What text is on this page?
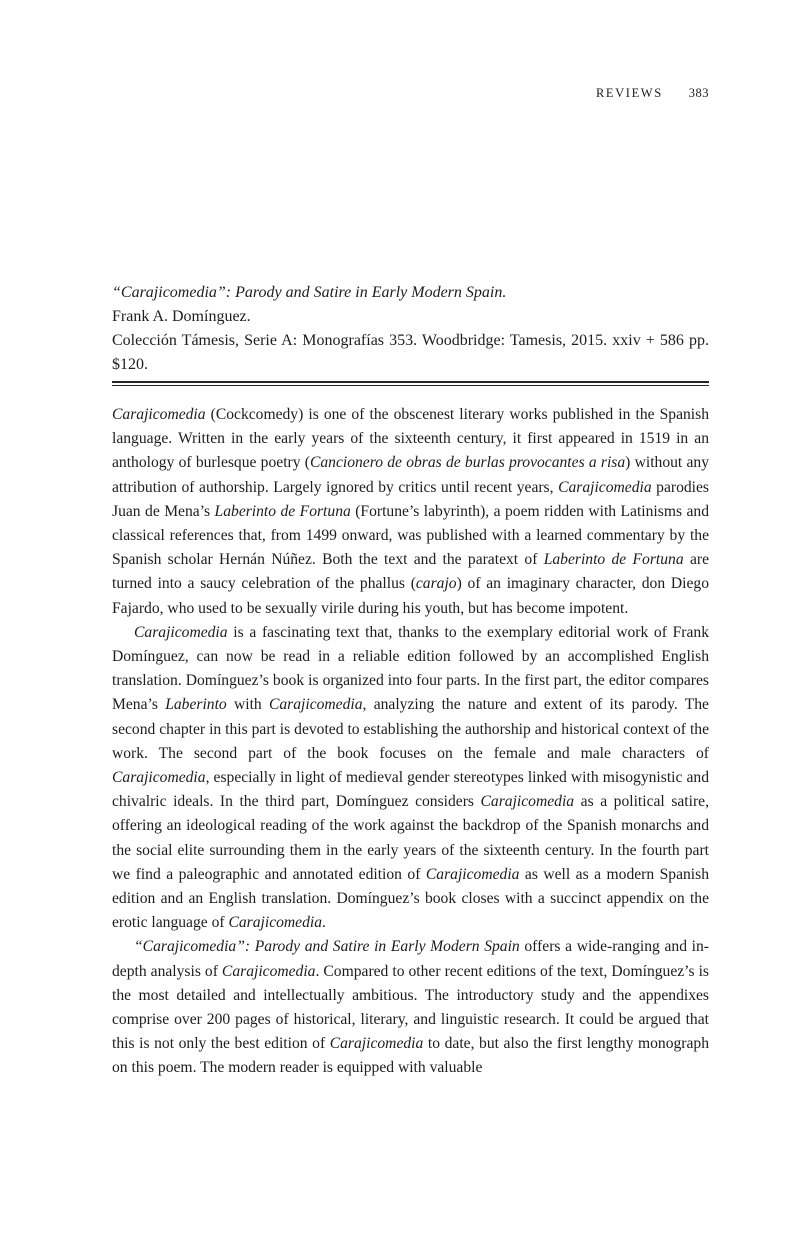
REVIEWS 383

“Carajicomedia”: Parody and Satire in Early Modern Spain.

Frank A. Domínguez.

Colección Támesis, Serie A: Monografías 353. Woodbridge: Tamesis, 2015. xxiv + 586 pp. $120.

Carajicomedia (Cockcomedy) is one of the obscenest literary works published in the Spanish language. Written in the early years of the sixteenth century, it first appeared in 1519 in an anthology of burlesque poetry (Cancionero de obras de burlas provocantes a risa) without any attribution of authorship. Largely ignored by critics until recent years, Carajicomedia parodies Juan de Mena’s Laberinto de Fortuna (Fortune’s labyrinth), a poem ridden with Latinisms and classical references that, from 1499 onward, was published with a learned commentary by the Spanish scholar Hernán Núñez. Both the text and the paratext of Laberinto de Fortuna are turned into a saucy celebration of the phallus (carajo) of an imaginary character, don Diego Fajardo, who used to be sexually virile during his youth, but has become impotent.

Carajicomedia is a fascinating text that, thanks to the exemplary editorial work of Frank Domínguez, can now be read in a reliable edition followed by an accomplished English translation. Domínguez’s book is organized into four parts. In the first part, the editor compares Mena’s Laberinto with Carajicomedia, analyzing the nature and extent of its parody. The second chapter in this part is devoted to establishing the authorship and historical context of the work. The second part of the book focuses on the female and male characters of Carajicomedia, especially in light of medieval gender stereotypes linked with misogynistic and chivalric ideals. In the third part, Domínguez considers Carajicomedia as a political satire, offering an ideological reading of the work against the backdrop of the Spanish monarchs and the social elite surrounding them in the early years of the sixteenth century. In the fourth part we find a paleographic and annotated edition of Carajicomedia as well as a modern Spanish edition and an English translation. Domínguez’s book closes with a succinct appendix on the erotic language of Carajicomedia.

“Carajicomedia”: Parody and Satire in Early Modern Spain offers a wide-ranging and in-depth analysis of Carajicomedia. Compared to other recent editions of the text, Domínguez’s is the most detailed and intellectually ambitious. The introductory study and the appendixes comprise over 200 pages of historical, literary, and linguistic research. It could be argued that this is not only the best edition of Carajicomedia to date, but also the first lengthy monograph on this poem. The modern reader is equipped with valuable
